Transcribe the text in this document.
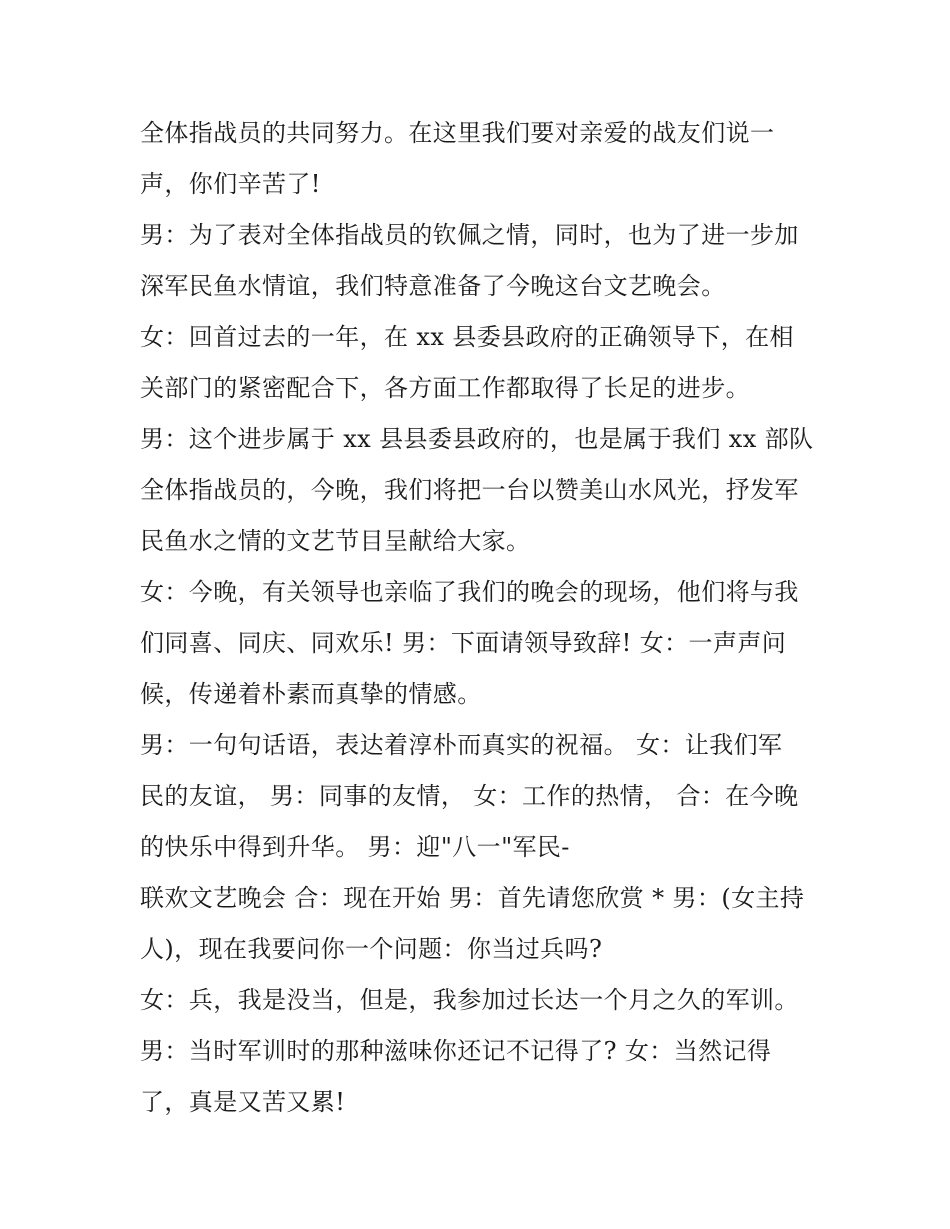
全体指战员的共同努力。在这里我们要对亲爱的战友们说一
声，你们辛苦了!
男：为了表对全体指战员的钦佩之情，同时，也为了进一步加
深军民鱼水情谊，我们特意准备了今晚这台文艺晚会。
女：回首过去的一年，在 xx 县委县政府的正确领导下，在相
关部门的紧密配合下，各方面工作都取得了长足的进步。
男：这个进步属于 xx 县县委县政府的，也是属于我们 xx 部队
全体指战员的，今晚，我们将把一台以赞美山水风光，抒发军
民鱼水之情的文艺节目呈献给大家。
女：今晚，有关领导也亲临了我们的晚会的现场，他们将与我
们同喜、同庆、同欢乐! 男：下面请领导致辞! 女：一声声问
候，传递着朴素而真挚的情感。
男：一句句话语，表达着淳朴而真实的祝福。 女：让我们军
民的友谊， 男：同事的友情， 女：工作的热情， 合：在今晚
的快乐中得到升华。 男：迎"八一"军民-
联欢文艺晚会 合：现在开始 男：首先请您欣赏 * 男：(女主持
人)，现在我要问你一个问题：你当过兵吗?
女：兵，我是没当，但是，我参加过长达一个月之久的军训。
男：当时军训时的那种滋味你还记不记得了? 女：当然记得
了，真是又苦又累!
